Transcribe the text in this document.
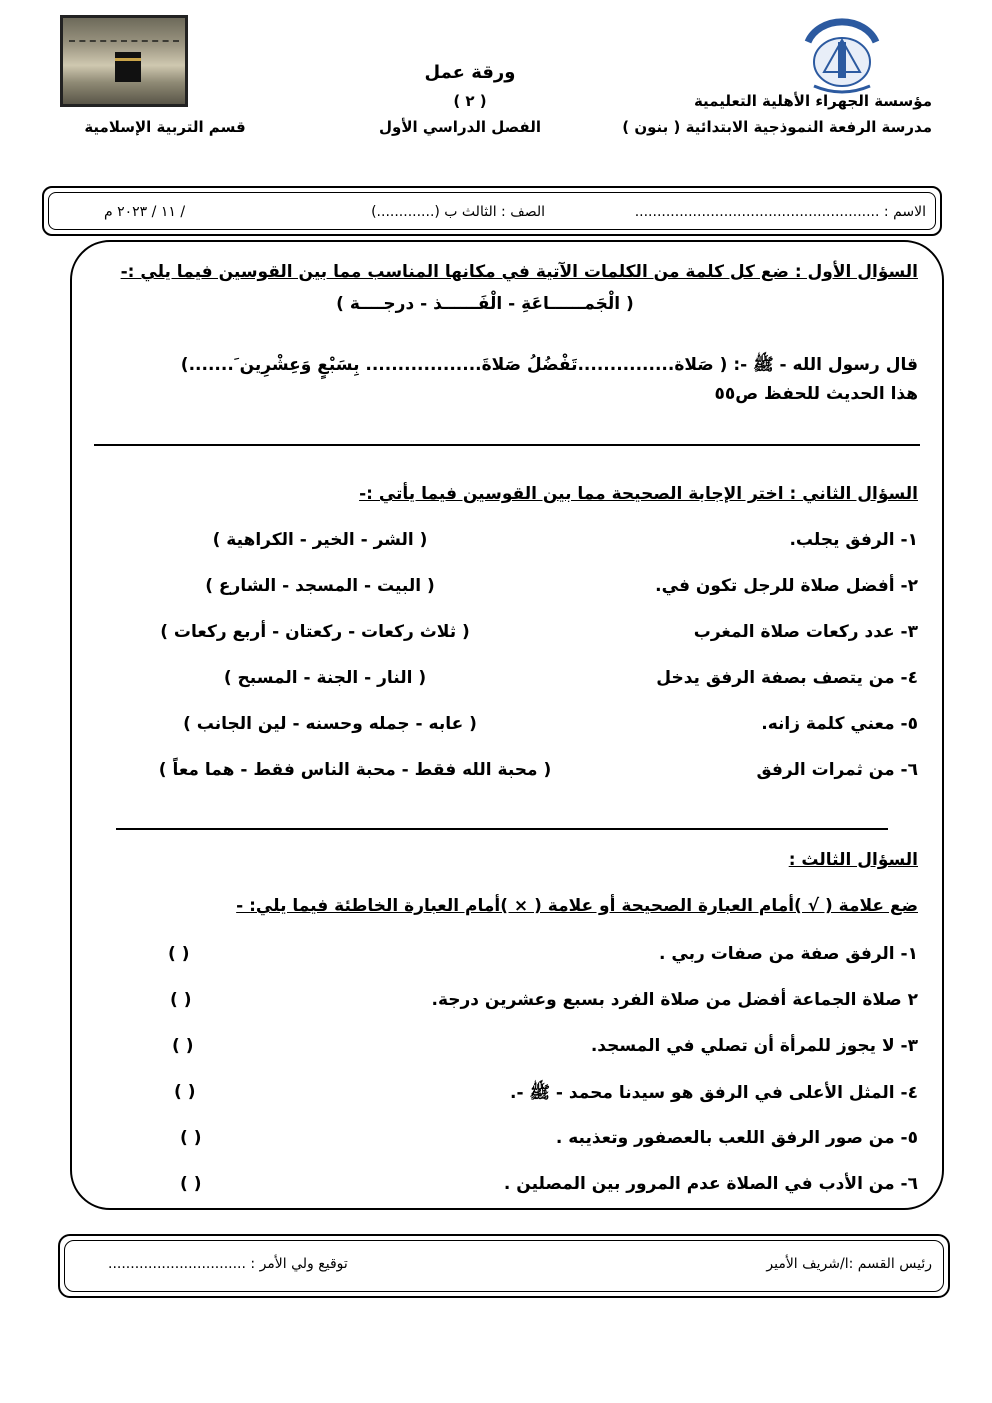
مؤسسة الجهراء الأهلية التعليمية
مدرسة الرفعة النموذجية الابتدائية ( بنون )
ورقة عمل
( ٢ )
الفصل الدراسي الأول
قسم التربية الإسلامية
الاسم : .......................................................
الصف : الثالث ب (.............)
/ ١١ / ٢٠٢٣ م
السؤال الأول : ضع كل كلمة من الكلمات الآتية في مكانها المناسب مما بين القوسين فيما يلي :-
( الْجَمــــــاعَةِ - الْفَــــــذ - درجــــة )
قال رسول الله - ﷺ -: ( صَلاة...............تَفْضُلُ صَلاةَ.................. بِسَبْعٍ وَعِشْرِين َ.......)
هذا الحديث للحفظ ص٥٥
السؤال الثاني : اختر الإجابة الصحيحة مما بين القوسين فيما يأتي :-
١- الرفق يجلب.
( الشر - الخير - الكراهية )
٢- أفضل صلاة للرجل تكون في.
( البيت - المسجد - الشارع )
٣- عدد ركعات صلاة المغرب
( ثلاث ركعات - ركعتان - أربع ركعات )
٤- من يتصف بصفة الرفق يدخل
( النار - الجنة - المسبح )
٥- معني كلمة زانه.
( عابه - جمله وحسنه - لين الجانب )
٦- من ثمرات الرفق
( محبة الله فقط - محبة الناس فقط - هما معاً )
السؤال الثالث :
ضع علامة ( √ )أمام العبارة الصحيحة أو علامة ( × )أمام العبارة الخاطئة فيما يلي: -
١- الرفق صفة من صفات ربي .
( )
٢ صلاة الجماعة أفضل من صلاة الفرد بسبع وعشرين درجة.
( )
٣- لا يجوز للمرأة أن تصلي في المسجد.
( )
٤- المثل الأعلى في الرفق هو سيدنا محمد - ﷺ -.
( )
٥- من صور الرفق اللعب بالعصفور وتعذيبه .
( )
٦- من الأدب في الصلاة عدم المرور بين المصلين .
( )
رئيس القسم :ا/شريف الأمير
توقيع ولي الأمر : ...............................
